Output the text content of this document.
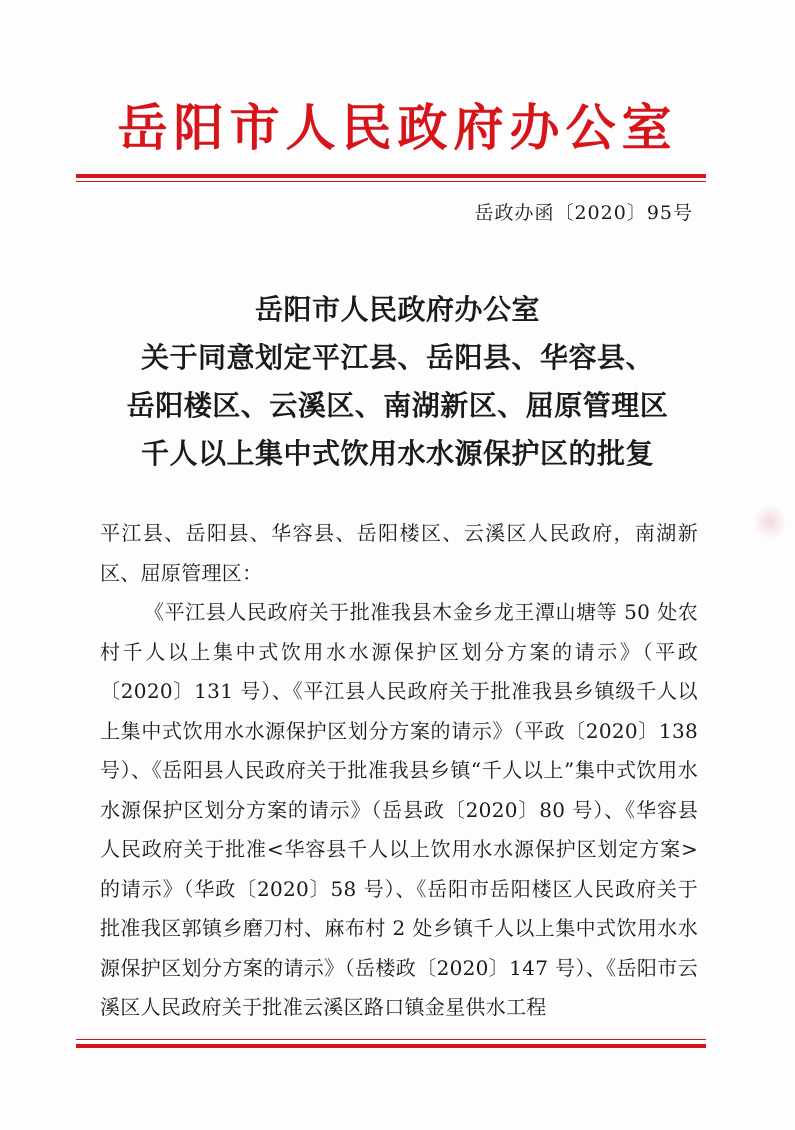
岳阳市人民政府办公室
岳政办函〔2020〕95号
岳阳市人民政府办公室
关于同意划定平江县、岳阳县、华容县、
岳阳楼区、云溪区、南湖新区、屈原管理区
千人以上集中式饮用水水源保护区的批复

平江县、岳阳县、华容县、岳阳楼区、云溪区人民政府，南湖新区、屈原管理区：

《平江县人民政府关于批准我县木金乡龙王潭山塘等 50 处农村千人以上集中式饮用水水源保护区划分方案的请示》（平政〔2020〕131 号）、《平江县人民政府关于批准我县乡镇级千人以上集中式饮用水水源保护区划分方案的请示》（平政〔2020〕138 号）、《岳阳县人民政府关于批准我县乡镇“千人以上”集中式饮用水水源保护区划分方案的请示》（岳县政〔2020〕80 号）、《华容县人民政府关于批准<华容县千人以上饮用水水源保护区划定方案>的请示》（华政〔2020〕58 号）、《岳阳市岳阳楼区人民政府关于批准我区郭镇乡磨刀村、麻布村 2 处乡镇千人以上集中式饮用水水源保护区划分方案的请示》（岳楼政〔2020〕147 号）、《岳阳市云溪区人民政府关于批准云溪区路口镇金星供水工程
